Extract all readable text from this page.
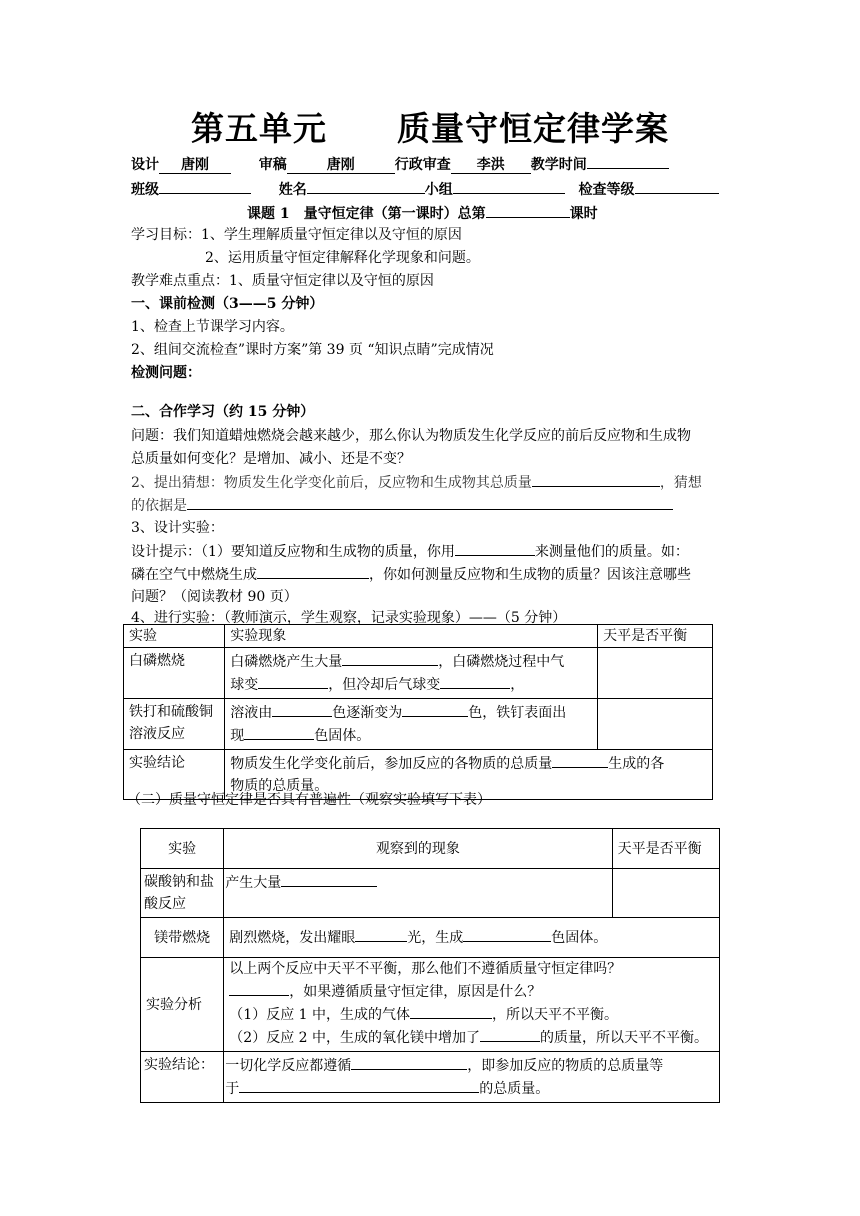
第五单元 质量守恒定律学案
设计 唐刚	审稿	唐刚	行政审查 李洪 教学时间
班级	姓名	小组	检查等级
课题 1　量守恒定律（第一课时）总第	课时
学习目标：1、学生理解质量守恒定律以及守恒的原因
2、运用质量守恒定律解释化学现象和问题。
教学难点重点：1、质量守恒定律以及守恒的原因
一、课前检测（3——5 分钟）
1、检查上节课学习内容。
2、组间交流检查”课时方案”第 39 页 “知识点睛”完成情况
检测问题：
二、合作学习（约 15 分钟）
问题：我们知道蜡烛燃烧会越来越少，那么你认为物质发生化学反应的前后反应物和生成物
总质量如何变化？是增加、减小、还是不变？
2、提出猜想：物质发生化学变化前后，反应物和生成物其总质量	，猜想
的依据是
3、设计实验：
设计提示：（1）要知道反应物和生成物的质量，你用	来测量他们的质量。如：
磷在空气中燃烧生成	，你如何测量反应物和生成物的质量？因该注意哪些
问题？（阅读教材 90 页）
4、进行实验：（教师演示，学生观察，记录实验现象）——（5 分钟）
实验	实验现象	天平是否平衡
白磷燃烧	白磷燃烧产生大量 ，白磷燃烧过程中气
球变 ，但冷却后气球变 ，	
铁打和硫酸铜溶液反应	溶液由 色逐渐变为 色，铁钉表面出
现 色固体。	
实验结论	物质发生化学变化前后，参加反应的各物质的总质量 生成的各
物质的总质量。	
（二）质量守恒定律是否具有普遍性（观察实验填写下表）
实验	观察到的现象	天平是否平衡
碳酸钠和盐酸反应	产生大量	
镁带燃烧	剧烈燃烧，发出耀眼 光，生成 色固体。	
实验分析	以上两个反应中天平不平衡，那么他们不遵循质量守恒定律吗？
，如果遵循质量守恒定律，原因是什么？
（1）反应 1 中，生成的气体 ，所以天平不平衡。
（2）反应 2 中，生成的氧化镁中增加了 的质量，所以天平不平衡。	
实验结论：	一切化学反应都遵循 ，即参加反应的物质的总质量等
于 的总质量。	
